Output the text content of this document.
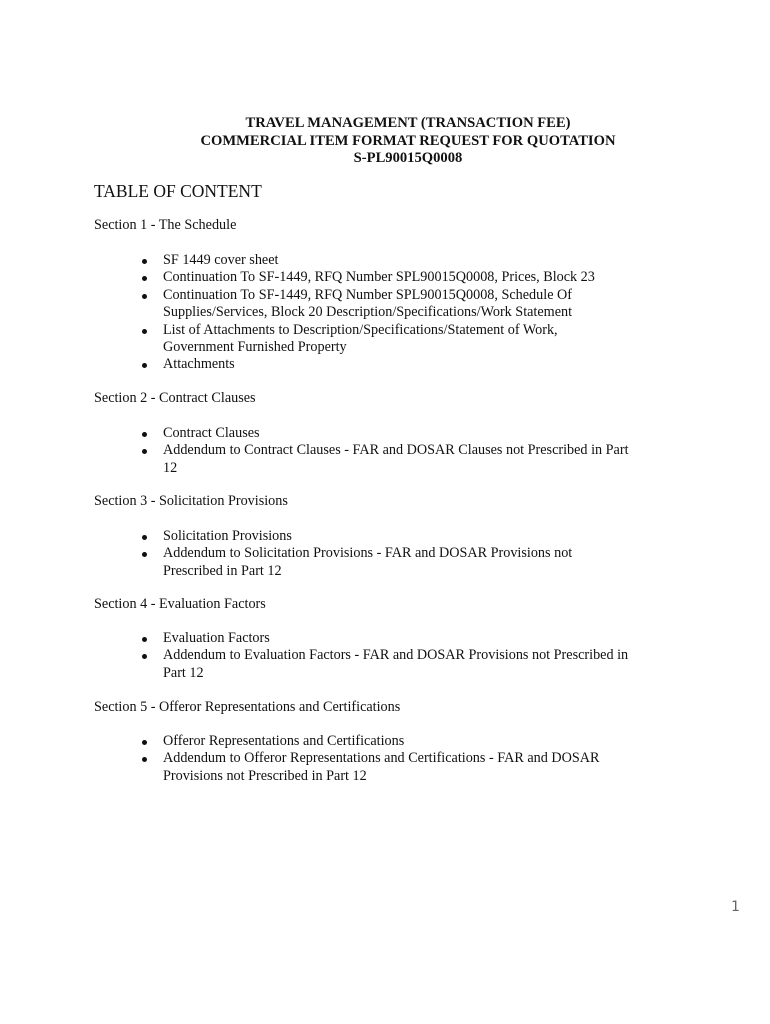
TRAVEL MANAGEMENT (TRANSACTION FEE)
COMMERCIAL ITEM FORMAT REQUEST FOR QUOTATION
S-PL90015Q0008
TABLE OF CONTENT
Section 1 - The Schedule
SF 1449 cover sheet
Continuation To SF-1449, RFQ Number SPL90015Q0008, Prices, Block 23
Continuation To SF-1449, RFQ Number SPL90015Q0008, Schedule Of
Supplies/Services, Block 20 Description/Specifications/Work Statement
List of Attachments to Description/Specifications/Statement of Work,
Government Furnished Property
Attachments
Section 2 - Contract Clauses
Contract Clauses
Addendum to Contract Clauses - FAR and DOSAR Clauses not Prescribed in Part
12
Section 3 - Solicitation Provisions
Solicitation Provisions
Addendum to Solicitation Provisions - FAR and DOSAR Provisions not
Prescribed in Part 12
Section 4 - Evaluation Factors
Evaluation Factors
Addendum to Evaluation Factors - FAR and DOSAR Provisions not Prescribed in
Part 12
Section 5 - Offeror Representations and Certifications
Offeror Representations and Certifications
Addendum to Offeror Representations and Certifications - FAR and DOSAR
Provisions not Prescribed in Part 12
1
